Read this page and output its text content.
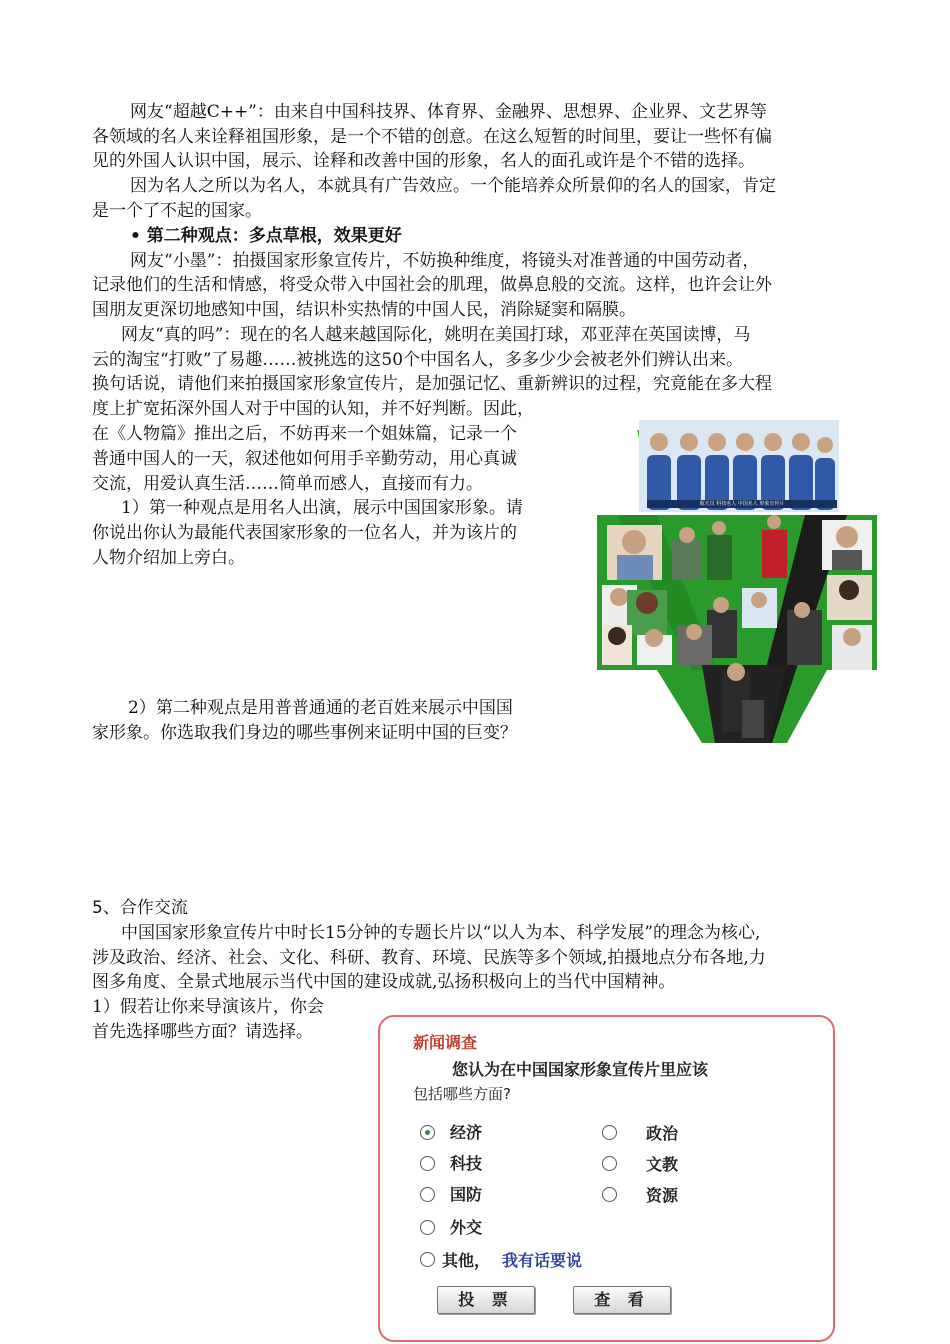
网友“超越C++”：由来自中国科技界、体育界、金融界、思想界、企业界、文艺界等
各领域的名人来诠释祖国形象，是一个不错的创意。在这么短暂的时间里，要让一些怀有偏
见的外国人认识中国，展示、诠释和改善中国的形象，名人的面孔或许是个不错的选择。
因为名人之所以为名人，本就具有广告效应。一个能培养众所景仰的名人的国家，肯定
是一个了不起的国家。
• 第二种观点：多点草根，效果更好
网友“小墨”：拍摄国家形象宣传片，不妨换种维度，将镜头对准普通的中国劳动者，
记录他们的生活和情感，将受众带入中国社会的肌理，做鼻息般的交流。这样，也许会让外
国朋友更深切地感知中国，结识朴实热情的中国人民，消除疑窦和隔膜。
网友“真的吗”：现在的名人越来越国际化，姚明在美国打球，邓亚萍在英国读博，马
云的淘宝“打败”了易趣……被挑选的这50个中国名人，多多少少会被老外们辨认出来。
换句话说，请他们来拍摄国家形象宣传片，是加强记忆、重新辨识的过程，究竟能在多大程
度上扩宽拓深外国人对于中国的认知，并不好判断。因此，
在《人物篇》推出之后，不妨再来一个姐妹篇，记录一个
普通中国人的一天，叙述他如何用手辛勤劳动，用心真诚
交流，用爱认真生活……简单而感人，直接而有力。
1）第一种观点是用名人出演，展示中国国家形象。请
你说出你认为最能代表国家形象的一位名人，并为该片的
人物介绍加上旁白。
2）第二种观点是用普普通通的老百姓来展示中国国
家形象。你选取我们身边的哪些事例来证明中国的巨变？
5、合作交流
中国国家形象宣传片中时长15分钟的专题长片以“以人为本、科学发展”的理念为核心,
涉及政治、经济、社会、文化、科研、教育、环境、民族等多个领域,拍摄地点分布各地,力
图多角度、全景式地展示当代中国的建设成就,弘扬积极向上的当代中国精神。
1）假若让你来导演该片，你会
首先选择哪些方面？请选择。
航天员 科技名人 中国名人 形象宣传片
新闻调查
您认为在中国国家形象宣传片里应该
包括哪些方面?
经济
科技
国防
外交
政治
文教
资源
其他， 我有话要说
投 票	查 看
